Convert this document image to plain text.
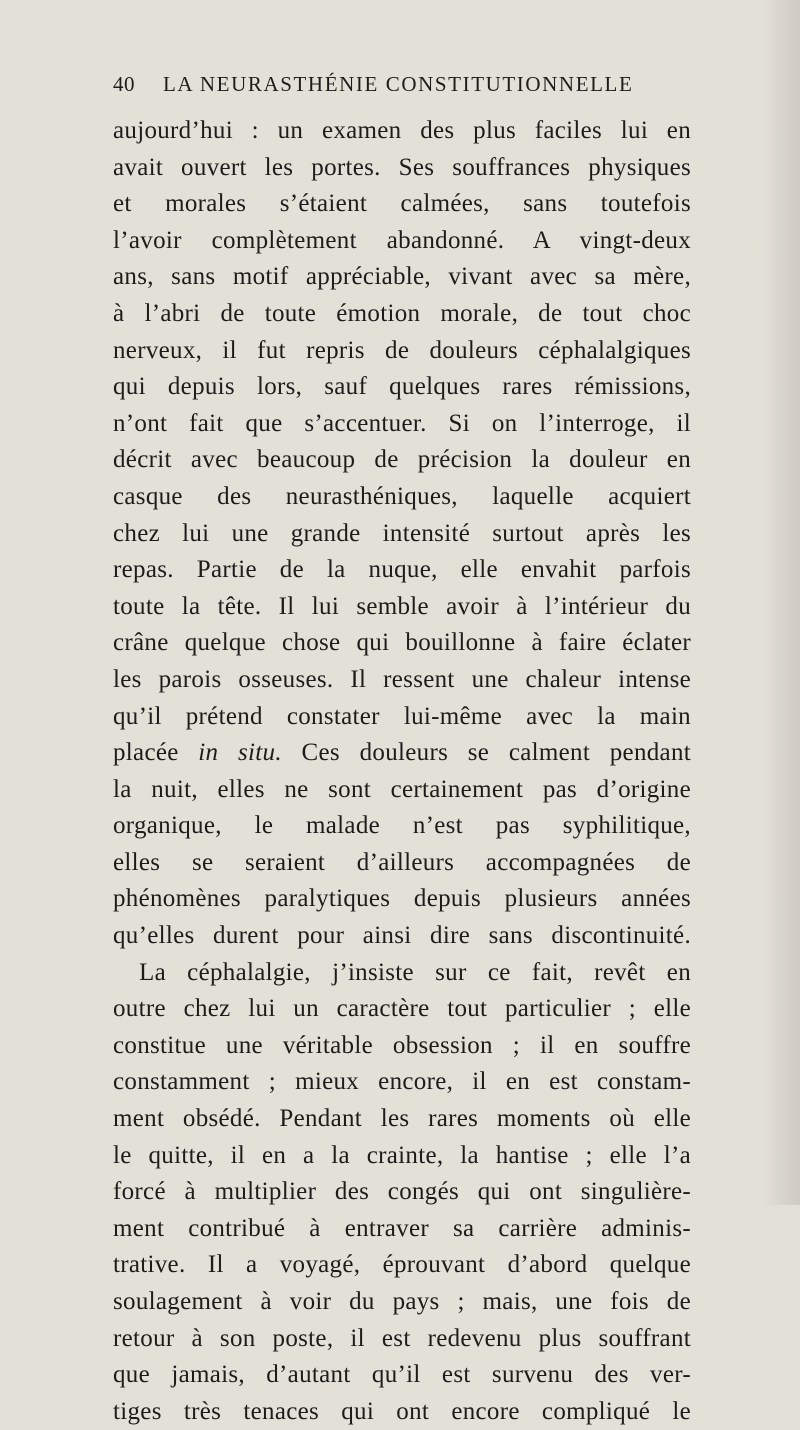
40 LA NEURASTHÉNIE CONSTITUTIONNELLE
aujourd’hui : un examen des plus faciles lui en
avait ouvert les portes. Ses souffrances physiques
et morales s’étaient calmées, sans toutefois
l’avoir complètement abandonné. A vingt-deux
ans, sans motif appréciable, vivant avec sa mère,
à l’abri de toute émotion morale, de tout choc
nerveux, il fut repris de douleurs céphalalgiques
qui depuis lors, sauf quelques rares rémissions,
n’ont fait que s’accentuer. Si on l’interroge, il
décrit avec beaucoup de précision la douleur en
casque des neurasthéniques, laquelle acquiert
chez lui une grande intensité surtout après les
repas. Partie de la nuque, elle envahit parfois
toute la tête. Il lui semble avoir à l’intérieur du
crâne quelque chose qui bouillonne à faire éclater
les parois osseuses. Il ressent une chaleur intense
qu’il prétend constater lui-même avec la main
placée in situ. Ces douleurs se calment pendant
la nuit, elles ne sont certainement pas d’origine
organique, le malade n’est pas syphilitique,
elles se seraient d’ailleurs accompagnées de
phénomènes paralytiques depuis plusieurs années
qu’elles durent pour ainsi dire sans discontinuité.
La céphalalgie, j’insiste sur ce fait, revêt en
outre chez lui un caractère tout particulier ; elle
constitue une véritable obsession ; il en souffre
constamment ; mieux encore, il en est constam-
ment obsédé. Pendant les rares moments où elle
le quitte, il en a la crainte, la hantise ; elle l’a
forcé à multiplier des congés qui ont singulière-
ment contribué à entraver sa carrière adminis-
trative. Il a voyagé, éprouvant d’abord quelque
soulagement à voir du pays ; mais, une fois de
retour à son poste, il est redevenu plus souffrant
que jamais, d’autant qu’il est survenu des ver-
tiges très tenaces qui ont encore compliqué le
